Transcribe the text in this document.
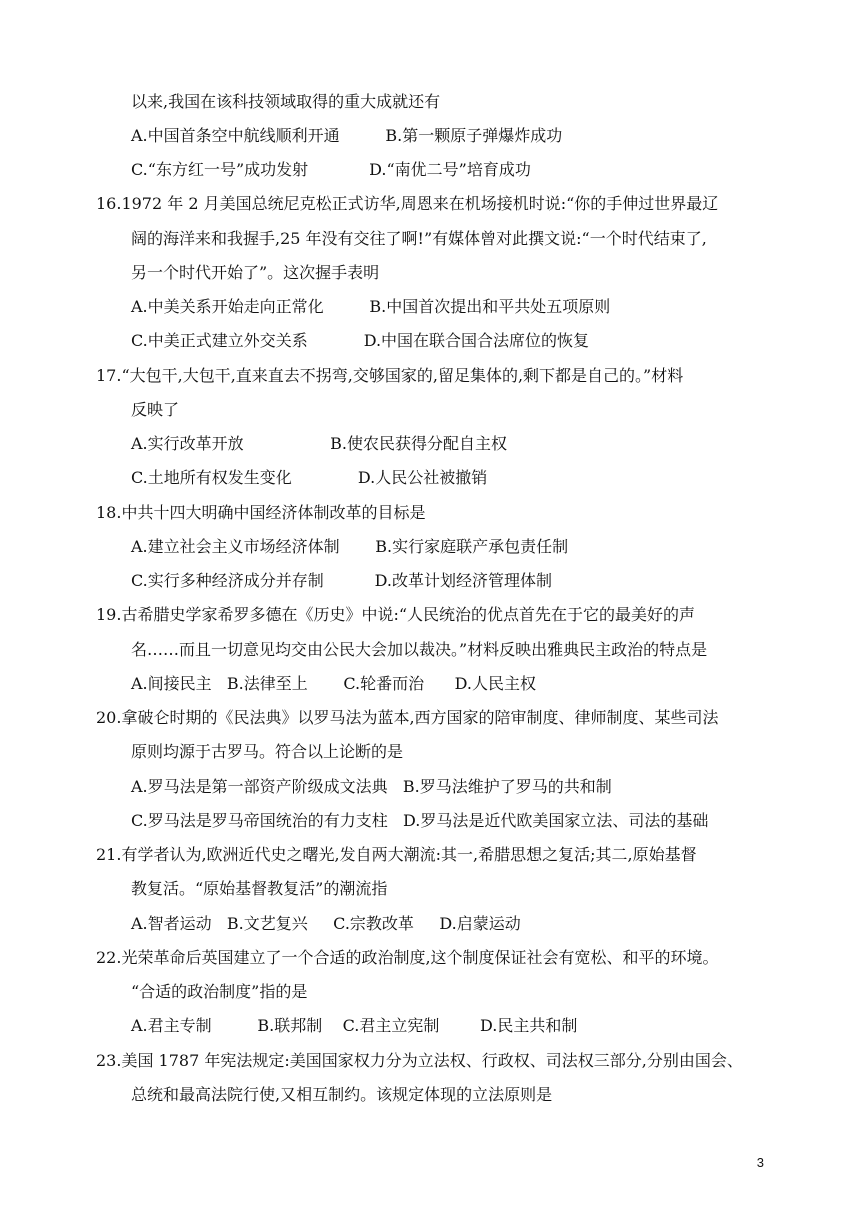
以来,我国在该科技领域取得的重大成就还有
A.中国首条空中航线顺利开通         B.第一颗原子弹爆炸成功
C.“东方红一号”成功发射            D.“南优二号”培育成功
16.1972 年 2 月美国总统尼克松正式访华,周恩来在机场接机时说:“你的手伸过世界最辽
阔的海洋来和我握手,25 年没有交往了啊!”有媒体曾对此撰文说:“一个时代结束了,
另一个时代开始了”。这次握手表明
A.中美关系开始走向正常化         B.中国首次提出和平共处五项原则
C.中美正式建立外交关系           D.中国在联合国合法席位的恢复
17.“大包干,大包干,直来直去不拐弯,交够国家的,留足集体的,剩下都是自己的。”材料
反映了
A.实行改革开放                 B.使农民获得分配自主权
C.土地所有权发生变化             D.人民公社被撤销
18.中共十四大明确中国经济体制改革的目标是
A.建立社会主义市场经济体制       B.实行家庭联产承包责任制
C.实行多种经济成分并存制          D.改革计划经济管理体制
19.古希腊史学家希罗多德在《历史》中说:“人民统治的优点首先在于它的最美好的声
名……而且一切意见均交由公民大会加以裁决。”材料反映出雅典民主政治的特点是
A.间接民主   B.法律至上       C.轮番而治      D.人民主权
20.拿破仑时期的《民法典》以罗马法为蓝本,西方国家的陪审制度、律师制度、某些司法
原则均源于古罗马。符合以上论断的是
A.罗马法是第一部资产阶级成文法典   B.罗马法维护了罗马的共和制
C.罗马法是罗马帝国统治的有力支柱   D.罗马法是近代欧美国家立法、司法的基础
21.有学者认为,欧洲近代史之曙光,发自两大潮流:其一,希腊思想之复活;其二,原始基督
教复活。“原始基督教复活”的潮流指
A.智者运动   B.文艺复兴     C.宗教改革     D.启蒙运动
22.光荣革命后英国建立了一个合适的政治制度,这个制度保证社会有宽松、和平的环境。
“合适的政治制度”指的是
A.君主专制         B.联邦制    C.君主立宪制        D.民主共和制
23.美国 1787 年宪法规定:美国国家权力分为立法权、行政权、司法权三部分,分别由国会、
总统和最高法院行使,又相互制约。该规定体现的立法原则是
3
